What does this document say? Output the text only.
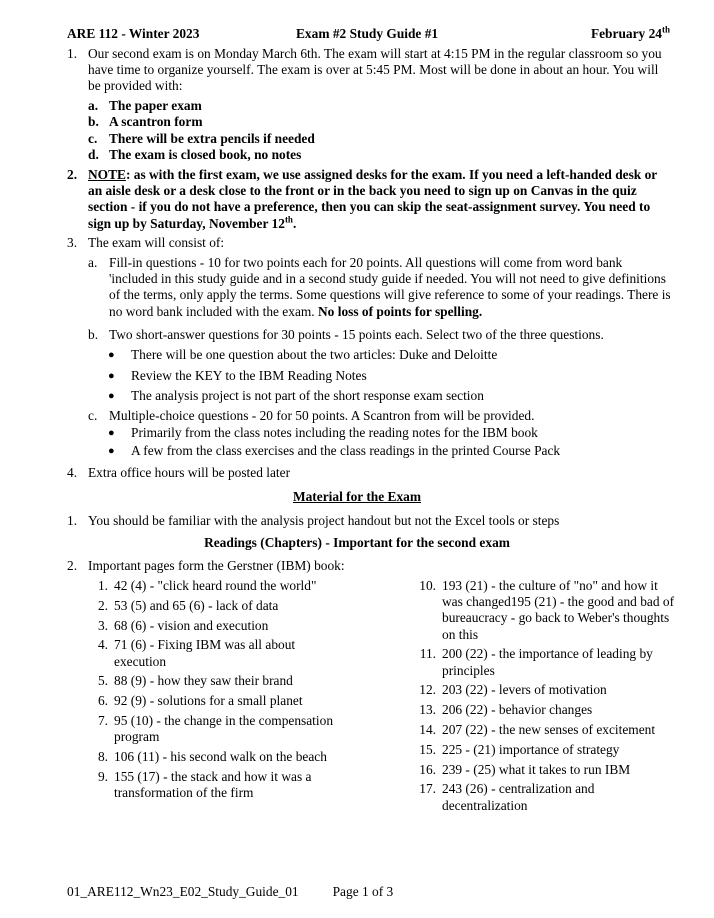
ARE 112 - Winter 2023	Exam #2 Study Guide #1	February 24th
1. Our second exam is on Monday March 6th. The exam will start at 4:15 PM in the regular classroom so you have time to organize yourself. The exam is over at 5:45 PM. Most will be done in about an hour. You will be provided with:
a. The paper exam
b. A scantron form
c. There will be extra pencils if needed
d. The exam is closed book, no notes
2. NOTE: as with the first exam, we use assigned desks for the exam. If you need a left-handed desk or an aisle desk or a desk close to the front or in the back you need to sign up on Canvas in the quiz section - if you do not have a preference, then you can skip the seat-assignment survey. You need to sign up by Saturday, November 12th.
3. The exam will consist of:
a. Fill-in questions - 10 for two points each for 20 points. All questions will come from word bank 'included in this study guide and in a second study guide if needed. You will not need to give definitions of the terms, only apply the terms. Some questions will give reference to some of your readings. There is no word bank included with the exam. No loss of points for spelling.
b. Two short-answer questions for 30 points - 15 points each. Select two of the three questions.
● There will be one question about the two articles: Duke and Deloitte
● Review the KEY to the IBM Reading Notes
● The analysis project is not part of the short response exam section
c. Multiple-choice questions - 20 for 50 points. A Scantron from will be provided.
● Primarily from the class notes including the reading notes for the IBM book
● A few from the class exercises and the class readings in the printed Course Pack
4. Extra office hours will be posted later
Material for the Exam
1. You should be familiar with the analysis project handout but not the Excel tools or steps
Readings (Chapters) - Important for the second exam
2. Important pages form the Gerstner (IBM) book:
1. 42 (4) - "click heard round the world"
2. 53 (5) and 65 (6) - lack of data
3. 68 (6) - vision and execution
4. 71 (6) - Fixing IBM was all about execution
5. 88 (9) - how they saw their brand
6. 92 (9) - solutions for a small planet
7. 95 (10) - the change in the compensation program
8. 106 (11) - his second walk on the beach
9. 155 (17) - the stack and how it was a transformation of the firm
10. 193 (21) - the culture of "no" and how it was changed195 (21) - the good and bad of bureaucracy - go back to Weber's thoughts on this
11. 200 (22) - the importance of leading by principles
12. 203 (22) - levers of motivation
13. 206 (22) - behavior changes
14. 207 (22) - the new senses of excitement
15. 225 - (21) importance of strategy
16. 239 - (25) what it takes to run IBM
17. 243 (26) - centralization and decentralization
01_ARE112_Wn23_E02_Study_Guide_01	Page 1 of 3
